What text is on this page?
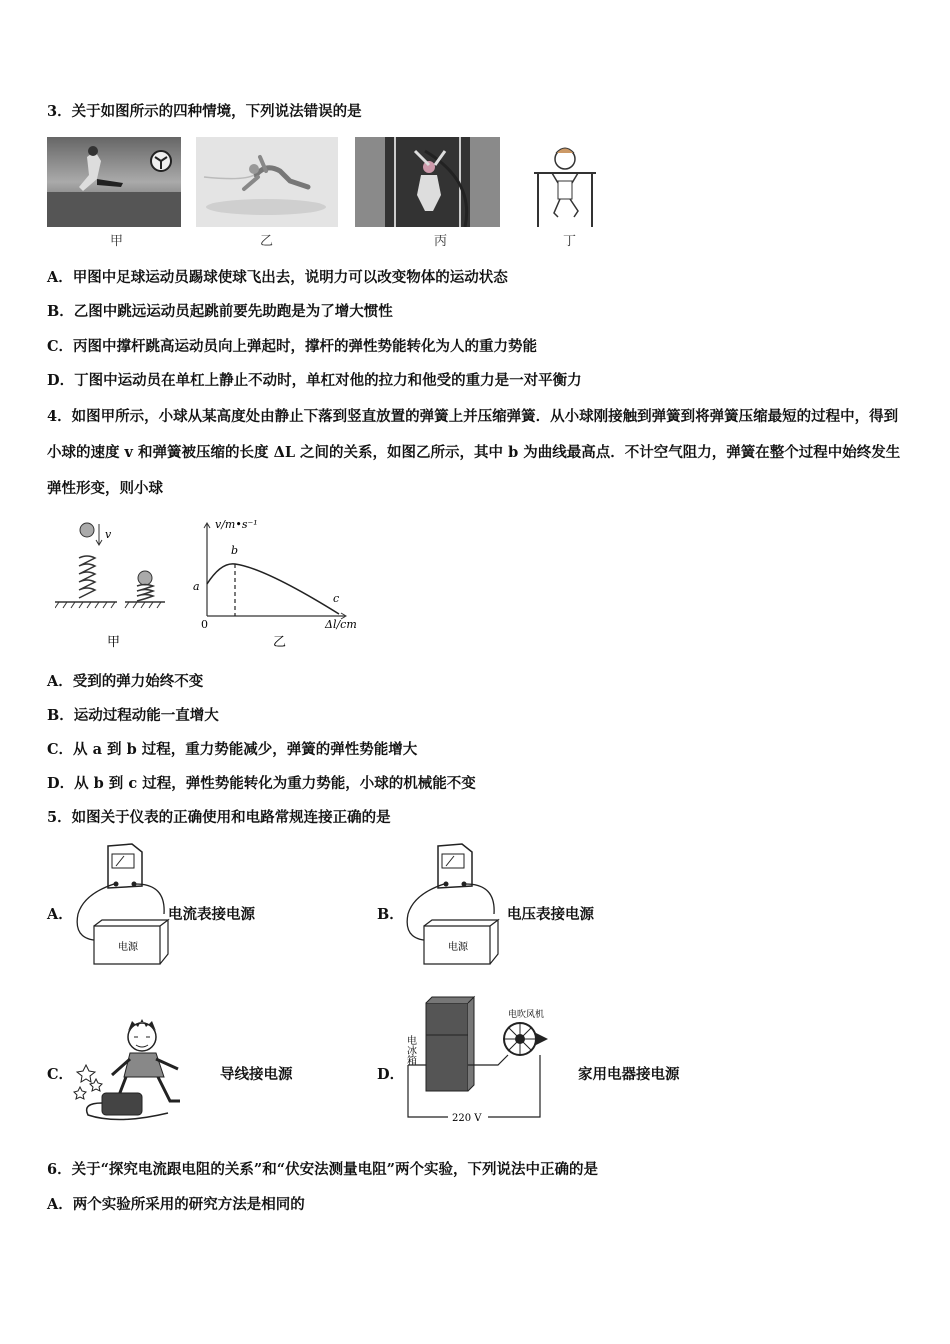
3．关于如图所示的四种情境，下列说法错误的是
甲	乙	丙	丁
A．甲图中足球运动员踢球使球飞出去，说明力可以改变物体的运动状态
B．乙图中跳远运动员起跳前要先助跑是为了增大惯性
C．丙图中撑杆跳高运动员向上弹起时，撑杆的弹性势能转化为人的重力势能
D．丁图中运动员在单杠上静止不动时，单杠对他的拉力和他受的重力是一对平衡力
4．如图甲所示，小球从某高度处由静止下落到竖直放置的弹簧上并压缩弹簧．从小球刚接触到弹簧到将弹簧压缩最短的过程中，得到小球的速度 v 和弹簧被压缩的长度 ΔL 之间的关系，如图乙所示，其中 b 为曲线最高点．不计空气阻力，弹簧在整个过程中始终发生弹性形变，则小球
v
甲
v/m•s⁻¹
Δl/cm
0
a
b
c
乙
A．受到的弹力始终不变
B．运动过程动能一直增大
C．从 a 到 b 过程，重力势能减少，弹簧的弹性势能增大
D．从 b 到 c 过程，弹性势能转化为重力势能，小球的机械能不变
5．如图关于仪表的正确使用和电路常规连接正确的是
A．
电源
电流表接电源	B．
电源
电压表接电源
C．	导线接电源	D．
电冰箱
电吹风机
220 V
家用电器接电源
6．关于“探究电流跟电阻的关系”和“伏安法测量电阻”两个实验，下列说法中正确的是
A．两个实验所采用的研究方法是相同的
